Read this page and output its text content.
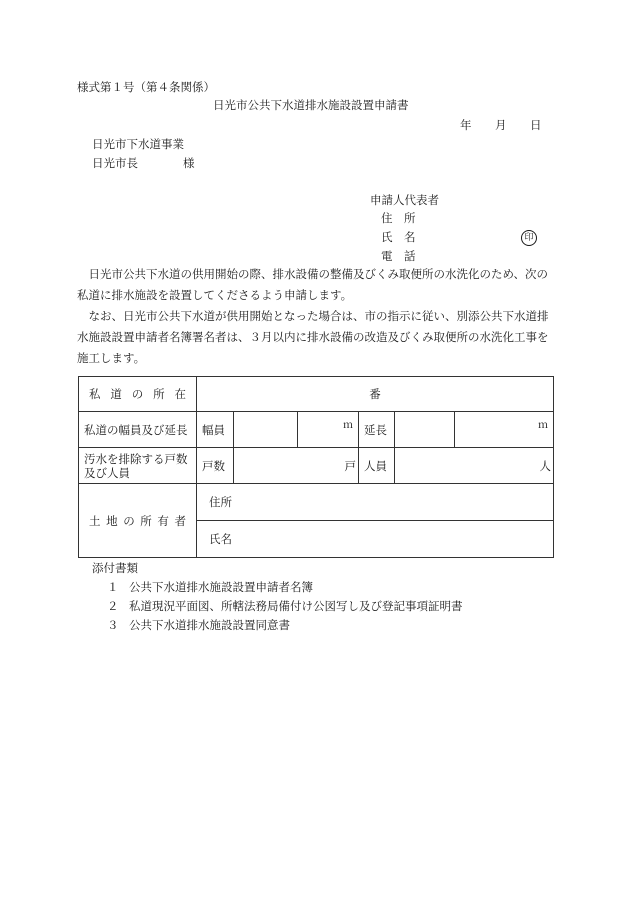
様式第１号（第４条関係）
日光市公共下水道排水施設設置申請書
年 月 日
日光市下水道事業
日光市長	様
申請人代表者
住　所
氏　名	印
電　話

日光市公共下水道の供用開始の際、排水設備の整備及びくみ取便所の水洗化のため、次の私道に排水施設を設置してくださるよう申請します。

なお、日光市公共下水道が供用開始となった場合は、市の指示に従い、別添公共下水道排水施設設置申請者名簿署名者は、３月以内に排水設備の改造及びくみ取便所の水洗化工事を施工します。

私道の所在	番					
私道の幅員及び延長	幅員		ｍ	延長		ｍ
汚水を排除する戸数及び人員	戸数	戸		人員	人	
土地の所有者	住所					
	氏名					
添付書類
１ 公共下水道排水施設設置申請者名簿
２ 私道現況平面図、所轄法務局備付け公図写し及び登記事項証明書
３ 公共下水道排水施設設置同意書
